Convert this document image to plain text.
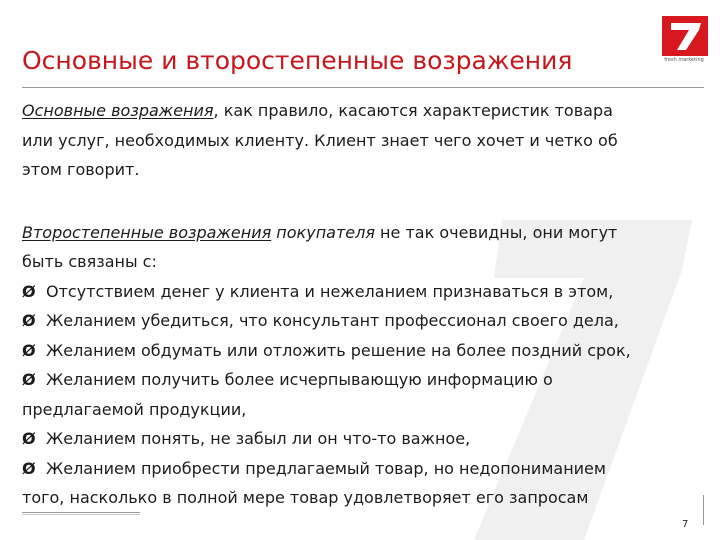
Основные и второстепенные возражения	fresh marketing
Основные возражения, как правило, касаются характеристик товара
или услуг, необходимых клиенту. Клиент знает чего хочет и четко об
этом говорит.
Второстепенные возражения покупателя не так очевидны, они могут
быть связаны с:
Ø Отсутствием денег у клиента и нежеланием признаваться в этом,
Ø Желанием убедиться, что консультант профессионал своего дела,
Ø Желанием обдумать или отложить решение на более поздний срок,
Ø Желанием получить более исчерпывающую информацию о
предлагаемой продукции,
Ø Желанием понять, не забыл ли он что-то важное,
Ø Желанием приобрести предлагаемый товар, но недопониманием
того, насколько в полной мере товар удовлетворяет его запросам
7
